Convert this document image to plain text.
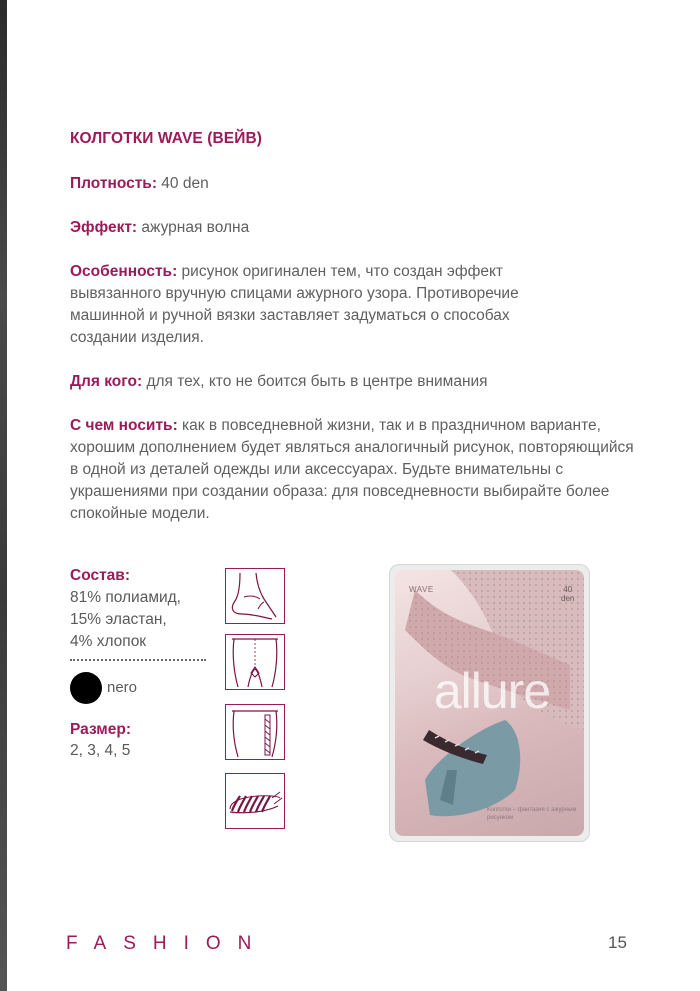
КОЛГОТКИ WAVE (ВЕЙВ)
Плотность: 40 den
Эффект: ажурная волна
Особенность: рисунок оригинален тем, что создан эффект вывязанного вручную спицами ажурного узора. Противоречие машинной и ручной вязки заставляет задуматься о способах создании изделия.
Для кого: для тех, кто не боится быть в центре внимания
С чем носить: как в повседневной жизни, так и в праздничном варианте, хорошим дополнением будет являться аналогичный рисунок, повторяющийся в одной из деталей одежды или аксессуарах. Будьте внимательны с украшениями при создании образа: для повседневности выбирайте более спокойные модели.
Состав:
81% полиамид,
15% эластан,
4% хлопок
nero
Размер:
2, 3, 4, 5
WAVE	40
den
allure
Колготки – фантазия с ажурным рисунком
FASHION	15
